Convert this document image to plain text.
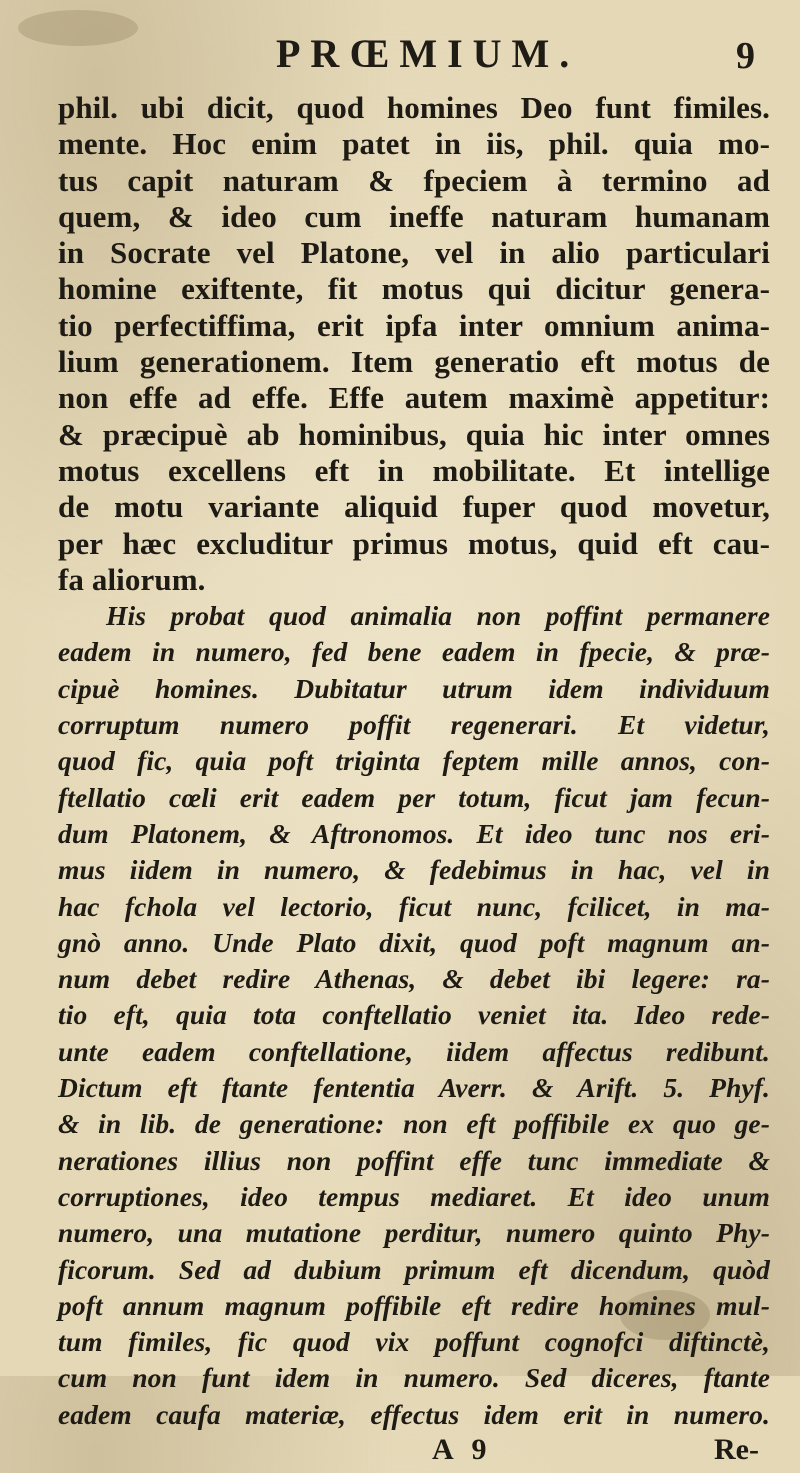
PRŒMIUM.	9
phil. ubi dicit, quod homines Deo funt fimiles.
mente. Hoc enim patet in iis, phil. quia mo-
tus capit naturam & fpeciem à termino ad
quem, & ideo cum ineffe naturam humanam
in Socrate vel Platone, vel in alio particulari
homine exiftente, fit motus qui dicitur genera-
tio perfectiffima, erit ipfa inter omnium anima-
lium generationem. Item generatio eft motus de
non effe ad effe. Effe autem maximè appetitur:
& præcipuè ab hominibus, quia hic inter omnes
motus excellens eft in mobilitate. Et intellige
de motu variante aliquid fuper quod movetur,
per hæc excluditur primus motus, quid eft cau-
fa aliorum.
His probat quod animalia non poffint permanere
eadem in numero, fed bene eadem in fpecie, & præ-
cipuè homines. Dubitatur utrum idem individuum
corruptum numero poffit regenerari. Et videtur,
quod fic, quia poft triginta feptem mille annos, con-
ftellatio cœli erit eadem per totum, ficut jam fecun-
dum Platonem, & Aftronomos. Et ideo tunc nos eri-
mus iidem in numero, & fedebimus in hac, vel in
hac fchola vel lectorio, ficut nunc, fcilicet, in ma-
gnò anno. Unde Plato dixit, quod poft magnum an-
num debet redire Athenas, & debet ibi legere: ra-
tio eft, quia tota conftellatio veniet ita. Ideo rede-
unte eadem conftellatione, iidem affectus redibunt.
Dictum eft ftante fententia Averr. & Arift. 5. Phyf.
& in lib. de generatione: non eft poffibile ex quo ge-
nerationes illius non poffint effe tunc immediate &
corruptiones, ideo tempus mediaret. Et ideo unum
numero, una mutatione perditur, numero quinto Phy-
ficorum. Sed ad dubium primum eft dicendum, quòd
poft annum magnum poffibile eft redire homines mul-
tum fimiles, fic quod vix poffunt cognofci diftinctè,
cum non funt idem in numero. Sed diceres, ftante
eadem caufa materiæ, effectus idem erit in numero.
A 9	Re-
